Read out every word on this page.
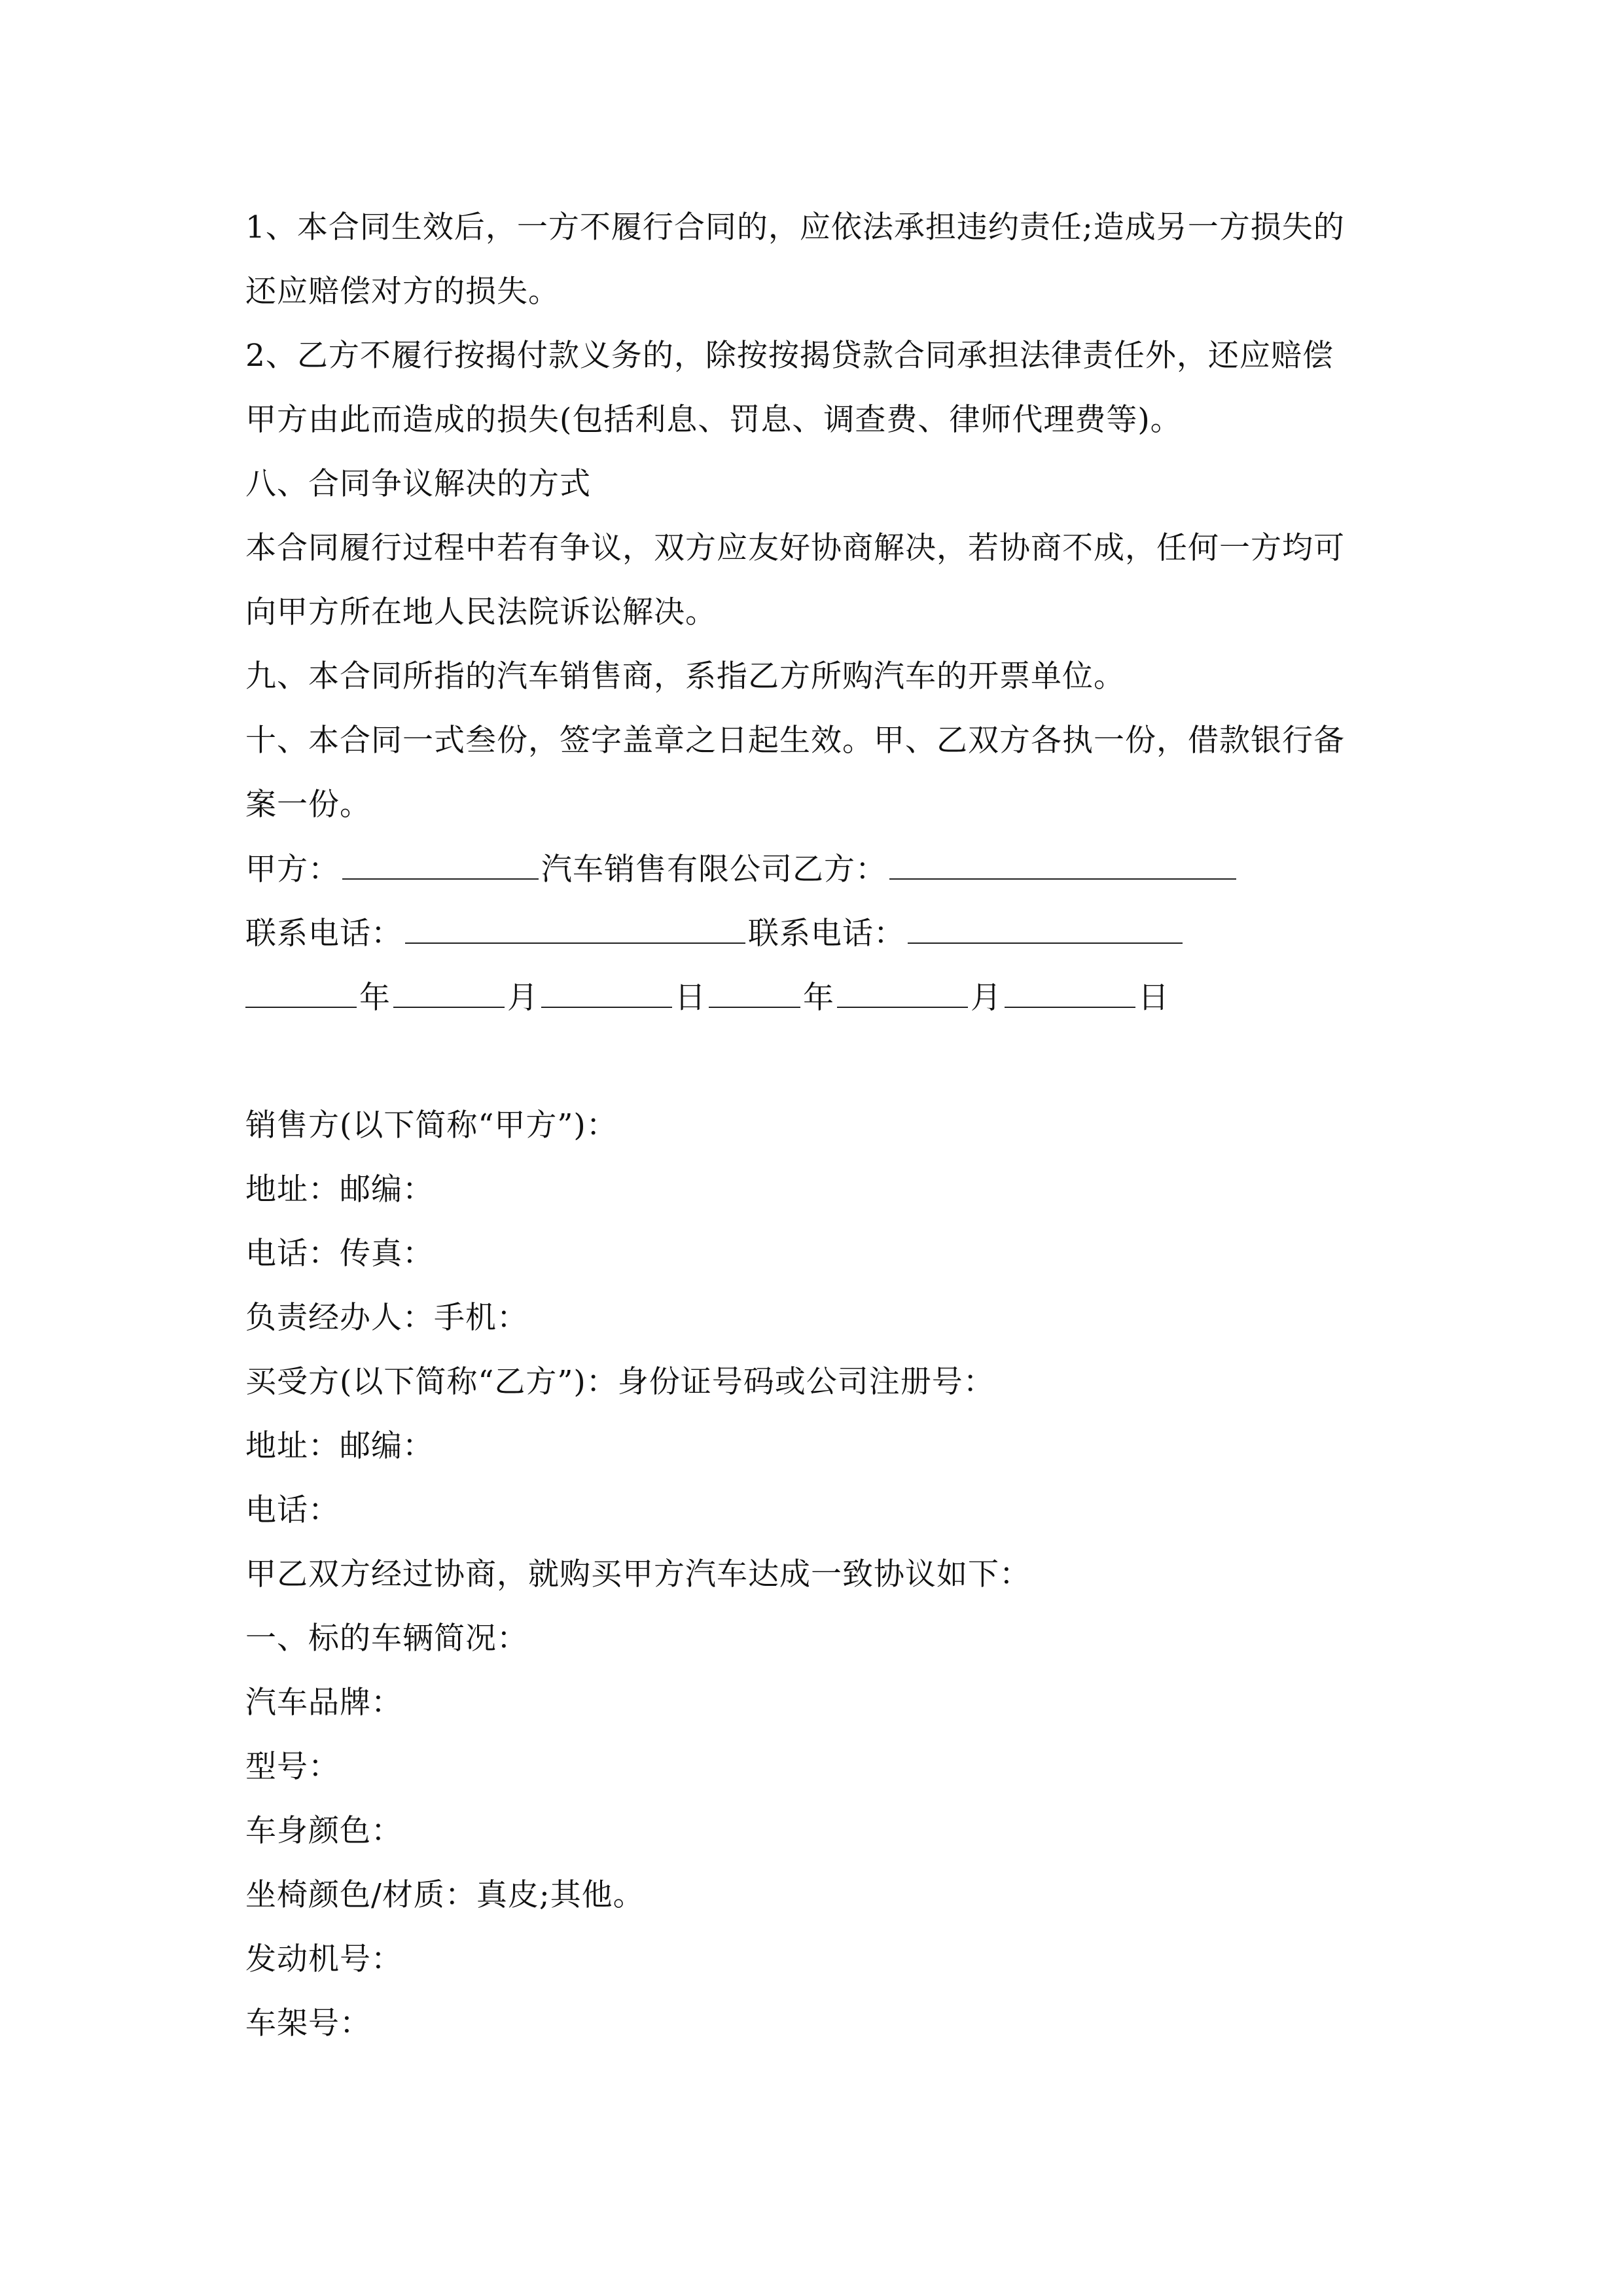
1、本合同生效后，一方不履行合同的，应依法承担违约责任;造成另一方损失的
还应赔偿对方的损失。
2、乙方不履行按揭付款义务的，除按按揭贷款合同承担法律责任外，还应赔偿
甲方由此而造成的损失(包括利息、罚息、调查费、律师代理费等)。
八、合同争议解决的方式
本合同履行过程中若有争议，双方应友好协商解决，若协商不成，任何一方均可
向甲方所在地人民法院诉讼解决。
九、本合同所指的汽车销售商，系指乙方所购汽车的开票单位。
十、本合同一式叁份，签字盖章之日起生效。甲、乙双方各执一份，借款银行备
案一份。
甲方：	汽车销售有限公司乙方：
联系电话：	联系电话：
年	月	日	年	月	日
销售方(以下简称“甲方”)：
地址：邮编：
电话：传真：
负责经办人：手机：
买受方(以下简称“乙方”)：身份证号码或公司注册号：
地址：邮编：
电话：
甲乙双方经过协商，就购买甲方汽车达成一致协议如下：
一、标的车辆简况：
汽车品牌：
型号：
车身颜色：
坐椅颜色/材质：真皮;其他。
发动机号：
车架号：
